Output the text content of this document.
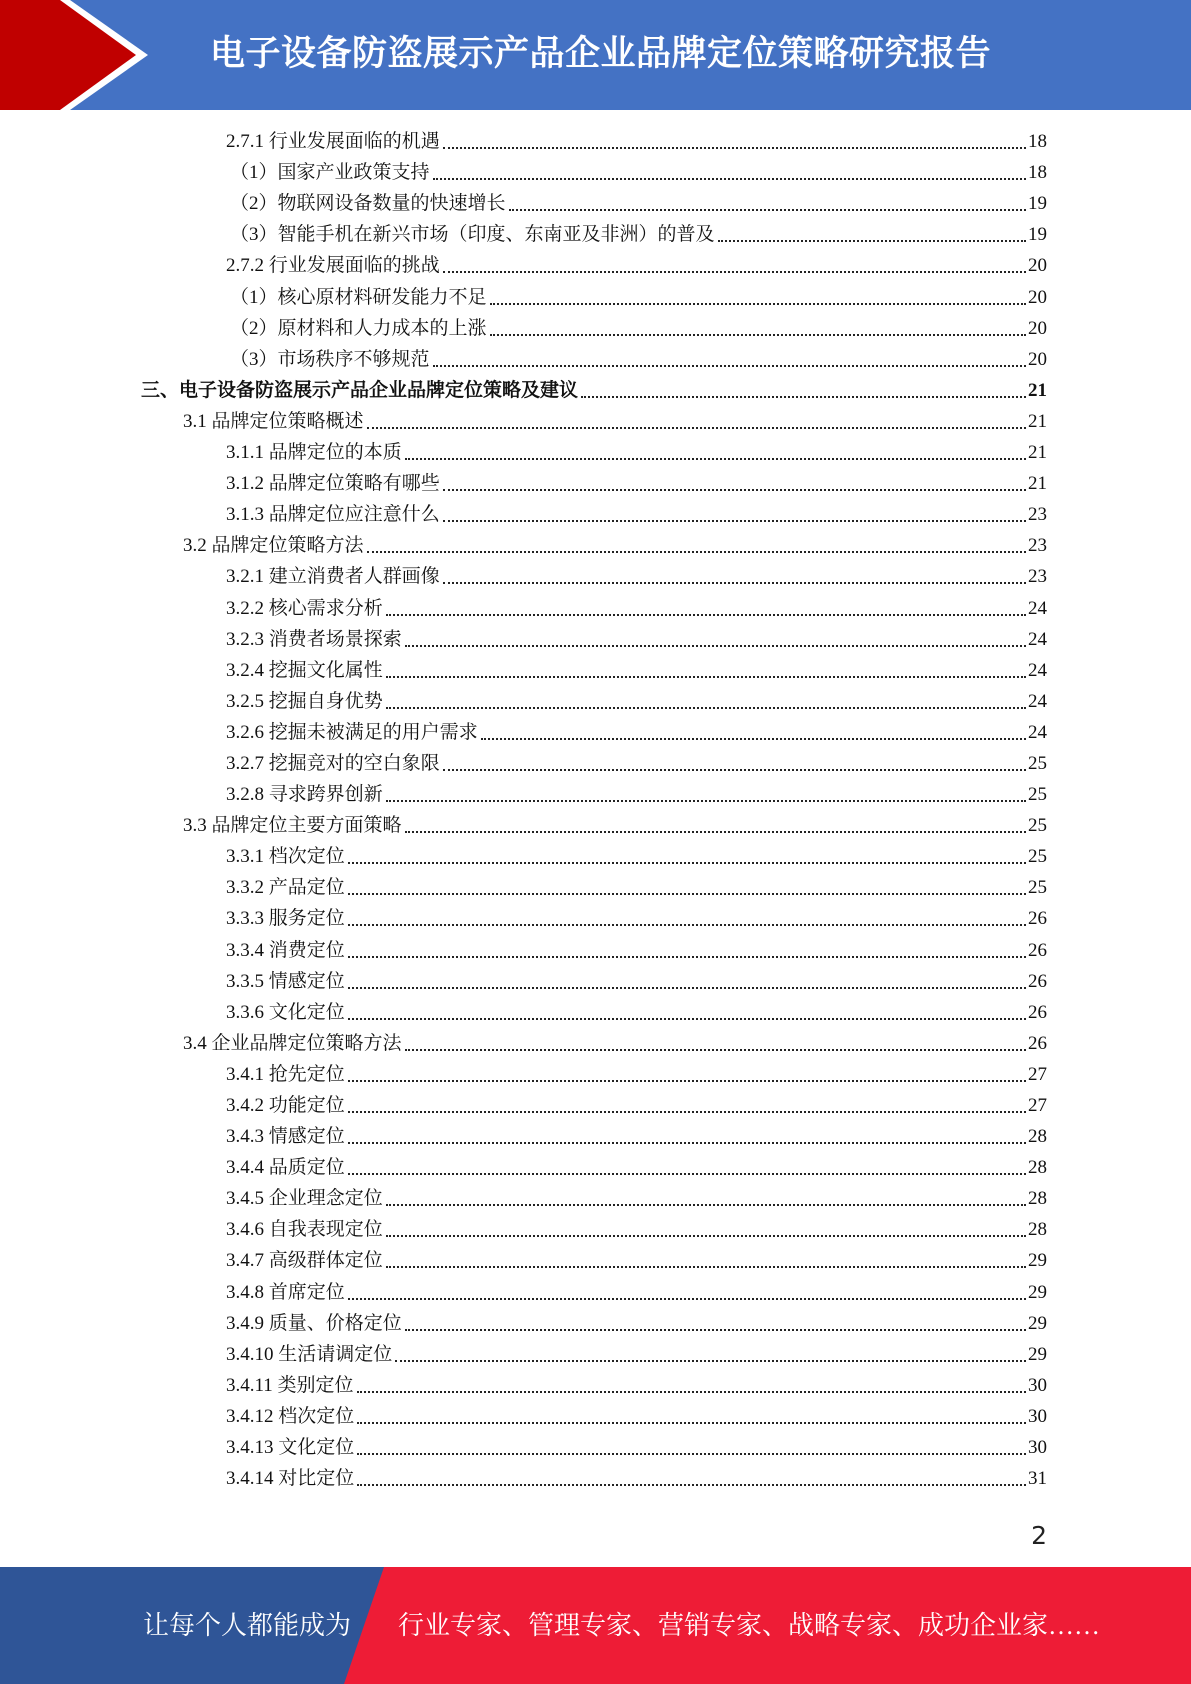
电子设备防盗展示产品企业品牌定位策略研究报告
2.7.1 行业发展面临的机遇	18
（1）国家产业政策支持	18
（2）物联网设备数量的快速增长	19
（3）智能手机在新兴市场（印度、东南亚及非洲）的普及	19
2.7.2 行业发展面临的挑战	20
（1）核心原材料研发能力不足	20
（2）原材料和人力成本的上涨	20
（3）市场秩序不够规范	20
三、电子设备防盗展示产品企业品牌定位策略及建议	21
3.1 品牌定位策略概述	21
3.1.1 品牌定位的本质	21
3.1.2 品牌定位策略有哪些	21
3.1.3 品牌定位应注意什么	23
3.2 品牌定位策略方法	23
3.2.1 建立消费者人群画像	23
3.2.2 核心需求分析	24
3.2.3 消费者场景探索	24
3.2.4 挖掘文化属性	24
3.2.5 挖掘自身优势	24
3.2.6 挖掘未被满足的用户需求	24
3.2.7 挖掘竞对的空白象限	25
3.2.8 寻求跨界创新	25
3.3 品牌定位主要方面策略	25
3.3.1 档次定位	25
3.3.2 产品定位	25
3.3.3 服务定位	26
3.3.4 消费定位	26
3.3.5 情感定位	26
3.3.6 文化定位	26
3.4 企业品牌定位策略方法	26
3.4.1 抢先定位	27
3.4.2 功能定位	27
3.4.3 情感定位	28
3.4.4 品质定位	28
3.4.5 企业理念定位	28
3.4.6 自我表现定位	28
3.4.7 高级群体定位	29
3.4.8 首席定位	29
3.4.9 质量、价格定位	29
3.4.10 生活请调定位	29
3.4.11 类别定位	30
3.4.12 档次定位	30
3.4.13 文化定位	30
3.4.14 对比定位	31
2
让每个人都能成为 行业专家、管理专家、营销专家、战略专家、成功企业家……
